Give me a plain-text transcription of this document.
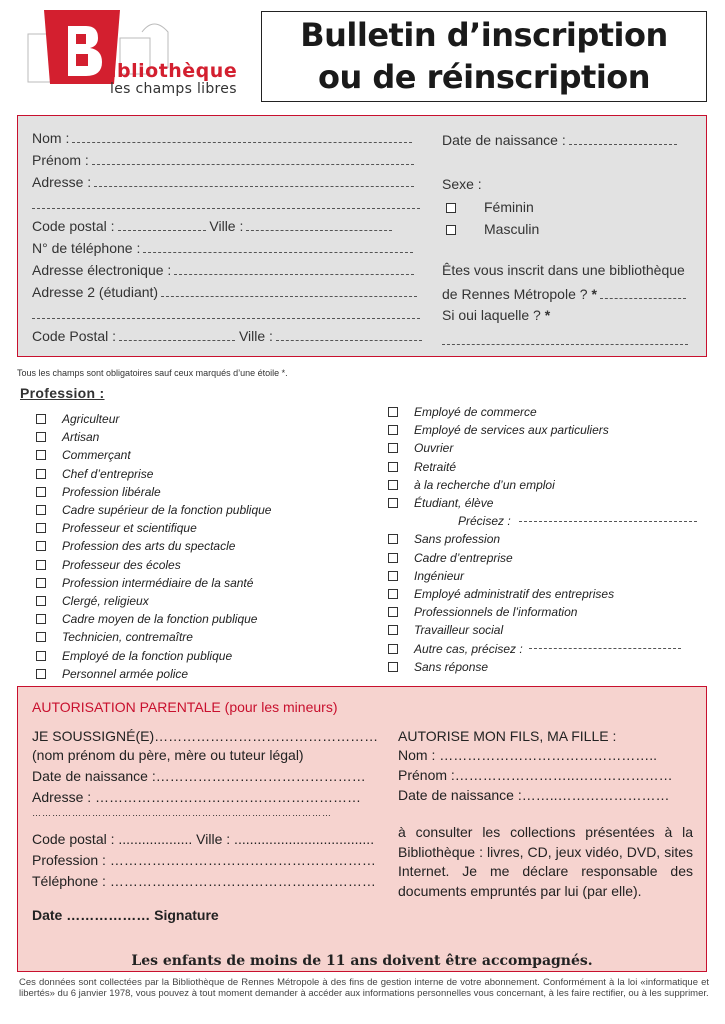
ibliothèque
les champs libres
Bulletin d’inscription
ou de réinscription
Nom :
Prénom :
Adresse :
Code postal :	Ville :
N° de téléphone :
Adresse électronique :
Adresse 2 (étudiant)
Code Postal :	Ville :
Date de naissance :
Sexe :
Féminin
Masculin
Êtes vous inscrit dans une bibliothèque
de Rennes Métropole ? *
Si oui laquelle ? *
Tous les champs sont obligatoires sauf ceux marqués d’une étoile *.
Profession :
Agriculteur
Artisan
Commerçant
Chef d’entreprise
Profession libérale
Cadre supérieur de la fonction publique
Professeur et scientifique
Profession des arts du spectacle
Professeur des écoles
Profession intermédiaire de la santé
Clergé, religieux
Cadre moyen de la fonction publique
Technicien, contremaître
Employé de la fonction publique
Personnel armée police
Employé de commerce
Employé de services aux particuliers
Ouvrier
Retraité
à la recherche d’un emploi
Étudiant, élève
Précisez :
Sans profession
Cadre d’entreprise
Ingénieur
Employé administratif des entreprises
Professionnels de l’information
Travailleur social
Autre cas, précisez :
Sans réponse
AUTORISATION PARENTALE (pour les mineurs)
JE SOUSSIGNÉ(E)…………………………………………
(nom prénom du père, mère ou tuteur légal)
Date de naissance :………………………………………
Adresse : …………………………………………………
………………………………………………………………………………
Code postal : ................... Ville : ....................................
Profession : …………………………………………………
Téléphone : …………………………………………………
Date ……………… Signature
AUTORISE MON FILS, MA FILLE :
Nom : ………………………………………..
Prénom :……………………..…………………
Date de naissance :……..……………………
à consulter les collections présentées à la Bibliothèque : livres, CD, jeux vidéo, DVD, sites Internet. Je me déclare responsable des documents empruntés par lui (par elle).
Les enfants de moins de 11 ans doivent être accompagnés.
Ces données sont collectées par la Bibliothèque de Rennes Métropole à des fins de gestion interne de votre abonnement. Conformément à la loi «informatique et libertés» du 6 janvier 1978, vous pouvez à tout moment demander à accéder aux informations personnelles vous concernant, à les faire rectifier, ou à les supprimer.
